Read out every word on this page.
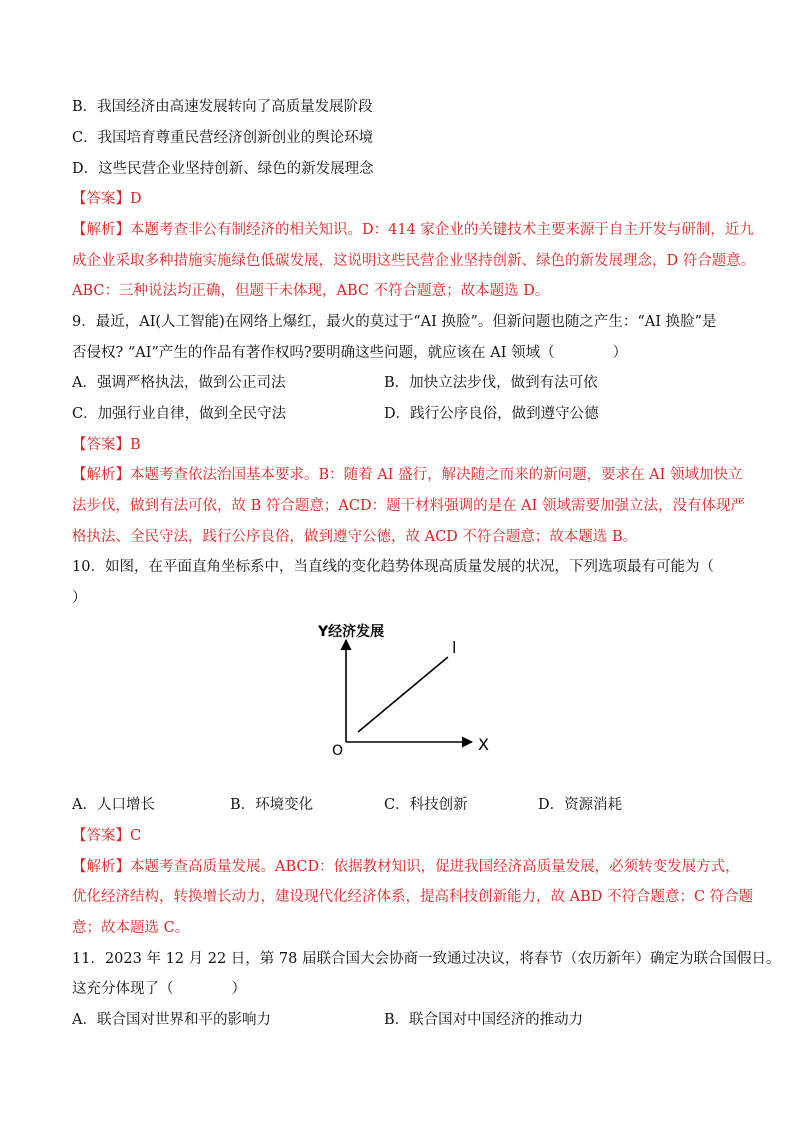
B．我国经济由高速发展转向了高质量发展阶段
C．我国培育尊重民营经济创新创业的舆论环境
D．这些民营企业坚持创新、绿色的新发展理念
【答案】D
【解析】本题考查非公有制经济的相关知识。D：414 家企业的关键技术主要来源于自主开发与研制，近九
成企业采取多种措施实施绿色低碳发展，这说明这些民营企业坚持创新、绿色的新发展理念，D 符合题意。
ABC：三种说法均正确，但题干未体现，ABC 不符合题意；故本题选 D。
9．最近，AI(人工智能)在网络上爆红，最火的莫过于“AI 换脸”。但新问题也随之产生：“AI 换脸”是
否侵权? “AI”产生的作品有著作权吗?要明确这些问题，就应该在 AI 领域（　　　　）
A．强调严格执法，做到公正司法	B．加快立法步伐，做到有法可依
C．加强行业自律，做到全民守法	D．践行公序良俗，做到遵守公德
【答案】B
【解析】本题考查依法治国基本要求。B：随着 AI 盛行，解决随之而来的新问题，要求在 AI 领域加快立
法步伐，做到有法可依，故 B 符合题意；ACD：题干材料强调的是在 AI 领域需要加强立法，没有体现严
格执法、全民守法，践行公序良俗，做到遵守公德，故 ACD 不符合题意；故本题选 B。
10．如图，在平面直角坐标系中，当直线的变化趋势体现高质量发展的状况，下列选项最有可能为（
）
Y经济发展
X
O
l
A．人口增长	B．环境变化	C．科技创新	D．资源消耗
【答案】C
【解析】本题考查高质量发展。ABCD：依据教材知识，促进我国经济高质量发展，必须转变发展方式，
优化经济结构，转换增长动力，建设现代化经济体系，提高科技创新能力，故 ABD 不符合题意；C 符合题
意；故本题选 C。
11．2023 年 12 月 22 日，第 78 届联合国大会协商一致通过决议，将春节（农历新年）确定为联合国假日。
这充分体现了（　　　　）
A．联合国对世界和平的影响力	B．联合国对中国经济的推动力
